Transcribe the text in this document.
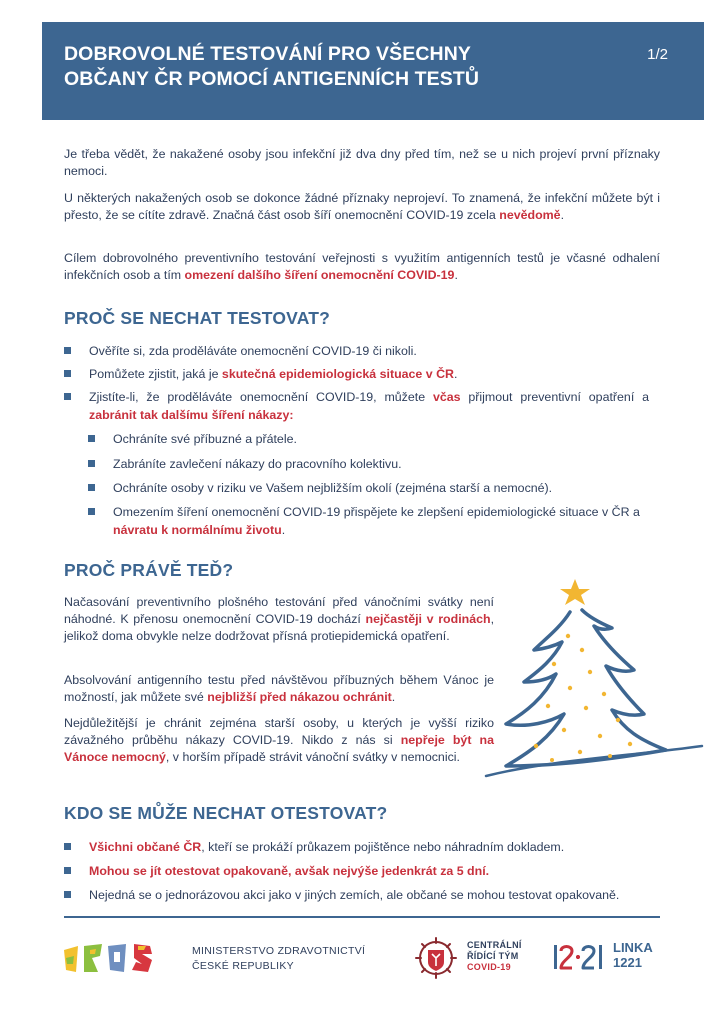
DOBROVOLNÉ TESTOVÁNÍ PRO VŠECHNY
OBČANY ČR POMOCÍ ANTIGENNÍCH TESTŮ
1/2

Je třeba vědět, že nakažené osoby jsou infekční již dva dny před tím, než se u nich projeví první příznaky nemoci.

U některých nakažených osob se dokonce žádné příznaky neprojeví. To znamená, že infekční můžete být i přesto, že se cítíte zdravě. Značná část osob šíří onemocnění COVID-19 zcela nevědomě.

Cílem dobrovolného preventivního testování veřejnosti s využitím antigenních testů je včasné odhalení infekčních osob a tím omezení dalšího šíření onemocnění COVID-19.

PROČ SE NECHAT TESTOVAT?
Ověříte si, zda proděláváte onemocnění COVID-19 či nikoli.
Pomůžete zjistit, jaká je skutečná epidemiologická situace v ČR.
Zjistíte-li, že proděláváte onemocnění COVID-19, můžete včas přijmout preventivní opatření a zabránit tak dalšímu šíření nákazy:
Ochráníte své příbuzné a přátele.
Zabráníte zavlečení nákazy do pracovního kolektivu.
Ochráníte osoby v riziku ve Vašem nejbližším okolí (zejména starší a nemocné).
Omezením šíření onemocnění COVID-19 přispějete ke zlepšení epidemiologické situace v ČR a návratu k normálnímu životu.
PROČ PRÁVĚ TEĎ?

Načasování preventivního plošného testování před vánočními svátky není náhodné. K přenosu onemocnění COVID-19 dochází nejčastěji v rodinách, jelikož doma obvykle nelze dodržovat přísná protiepidemická opatření.

Absolvování antigenního testu před návštěvou příbuzných během Vánoc je možností, jak můžete své nejbližší před nákazou ochránit.

Nejdůležitější je chránit zejména starší osoby, u kterých je vyšší riziko závažného průběhu nákazy COVID-19. Nikdo z nás si nepřeje být na Vánoce nemocný, v horším případě strávit vánoční svátky v nemocnici.

KDO SE MŮŽE NECHAT OTESTOVAT?
Všichni občané ČR, kteří se prokáží průkazem pojištěnce nebo náhradním dokladem.
Mohou se jít otestovat opakovaně, avšak nejvýše jedenkrát za 5 dní.
Nejedná se o jednorázovou akci jako v jiných zemích, ale občané se mohou testovat opakovaně.
MINISTERSTVO ZDRAVOTNICTVÍ
ČESKÉ REPUBLIKY
CENTRÁLNÍ
ŘÍDÍCÍ TÝM
COVID-19
LINKA
1221
